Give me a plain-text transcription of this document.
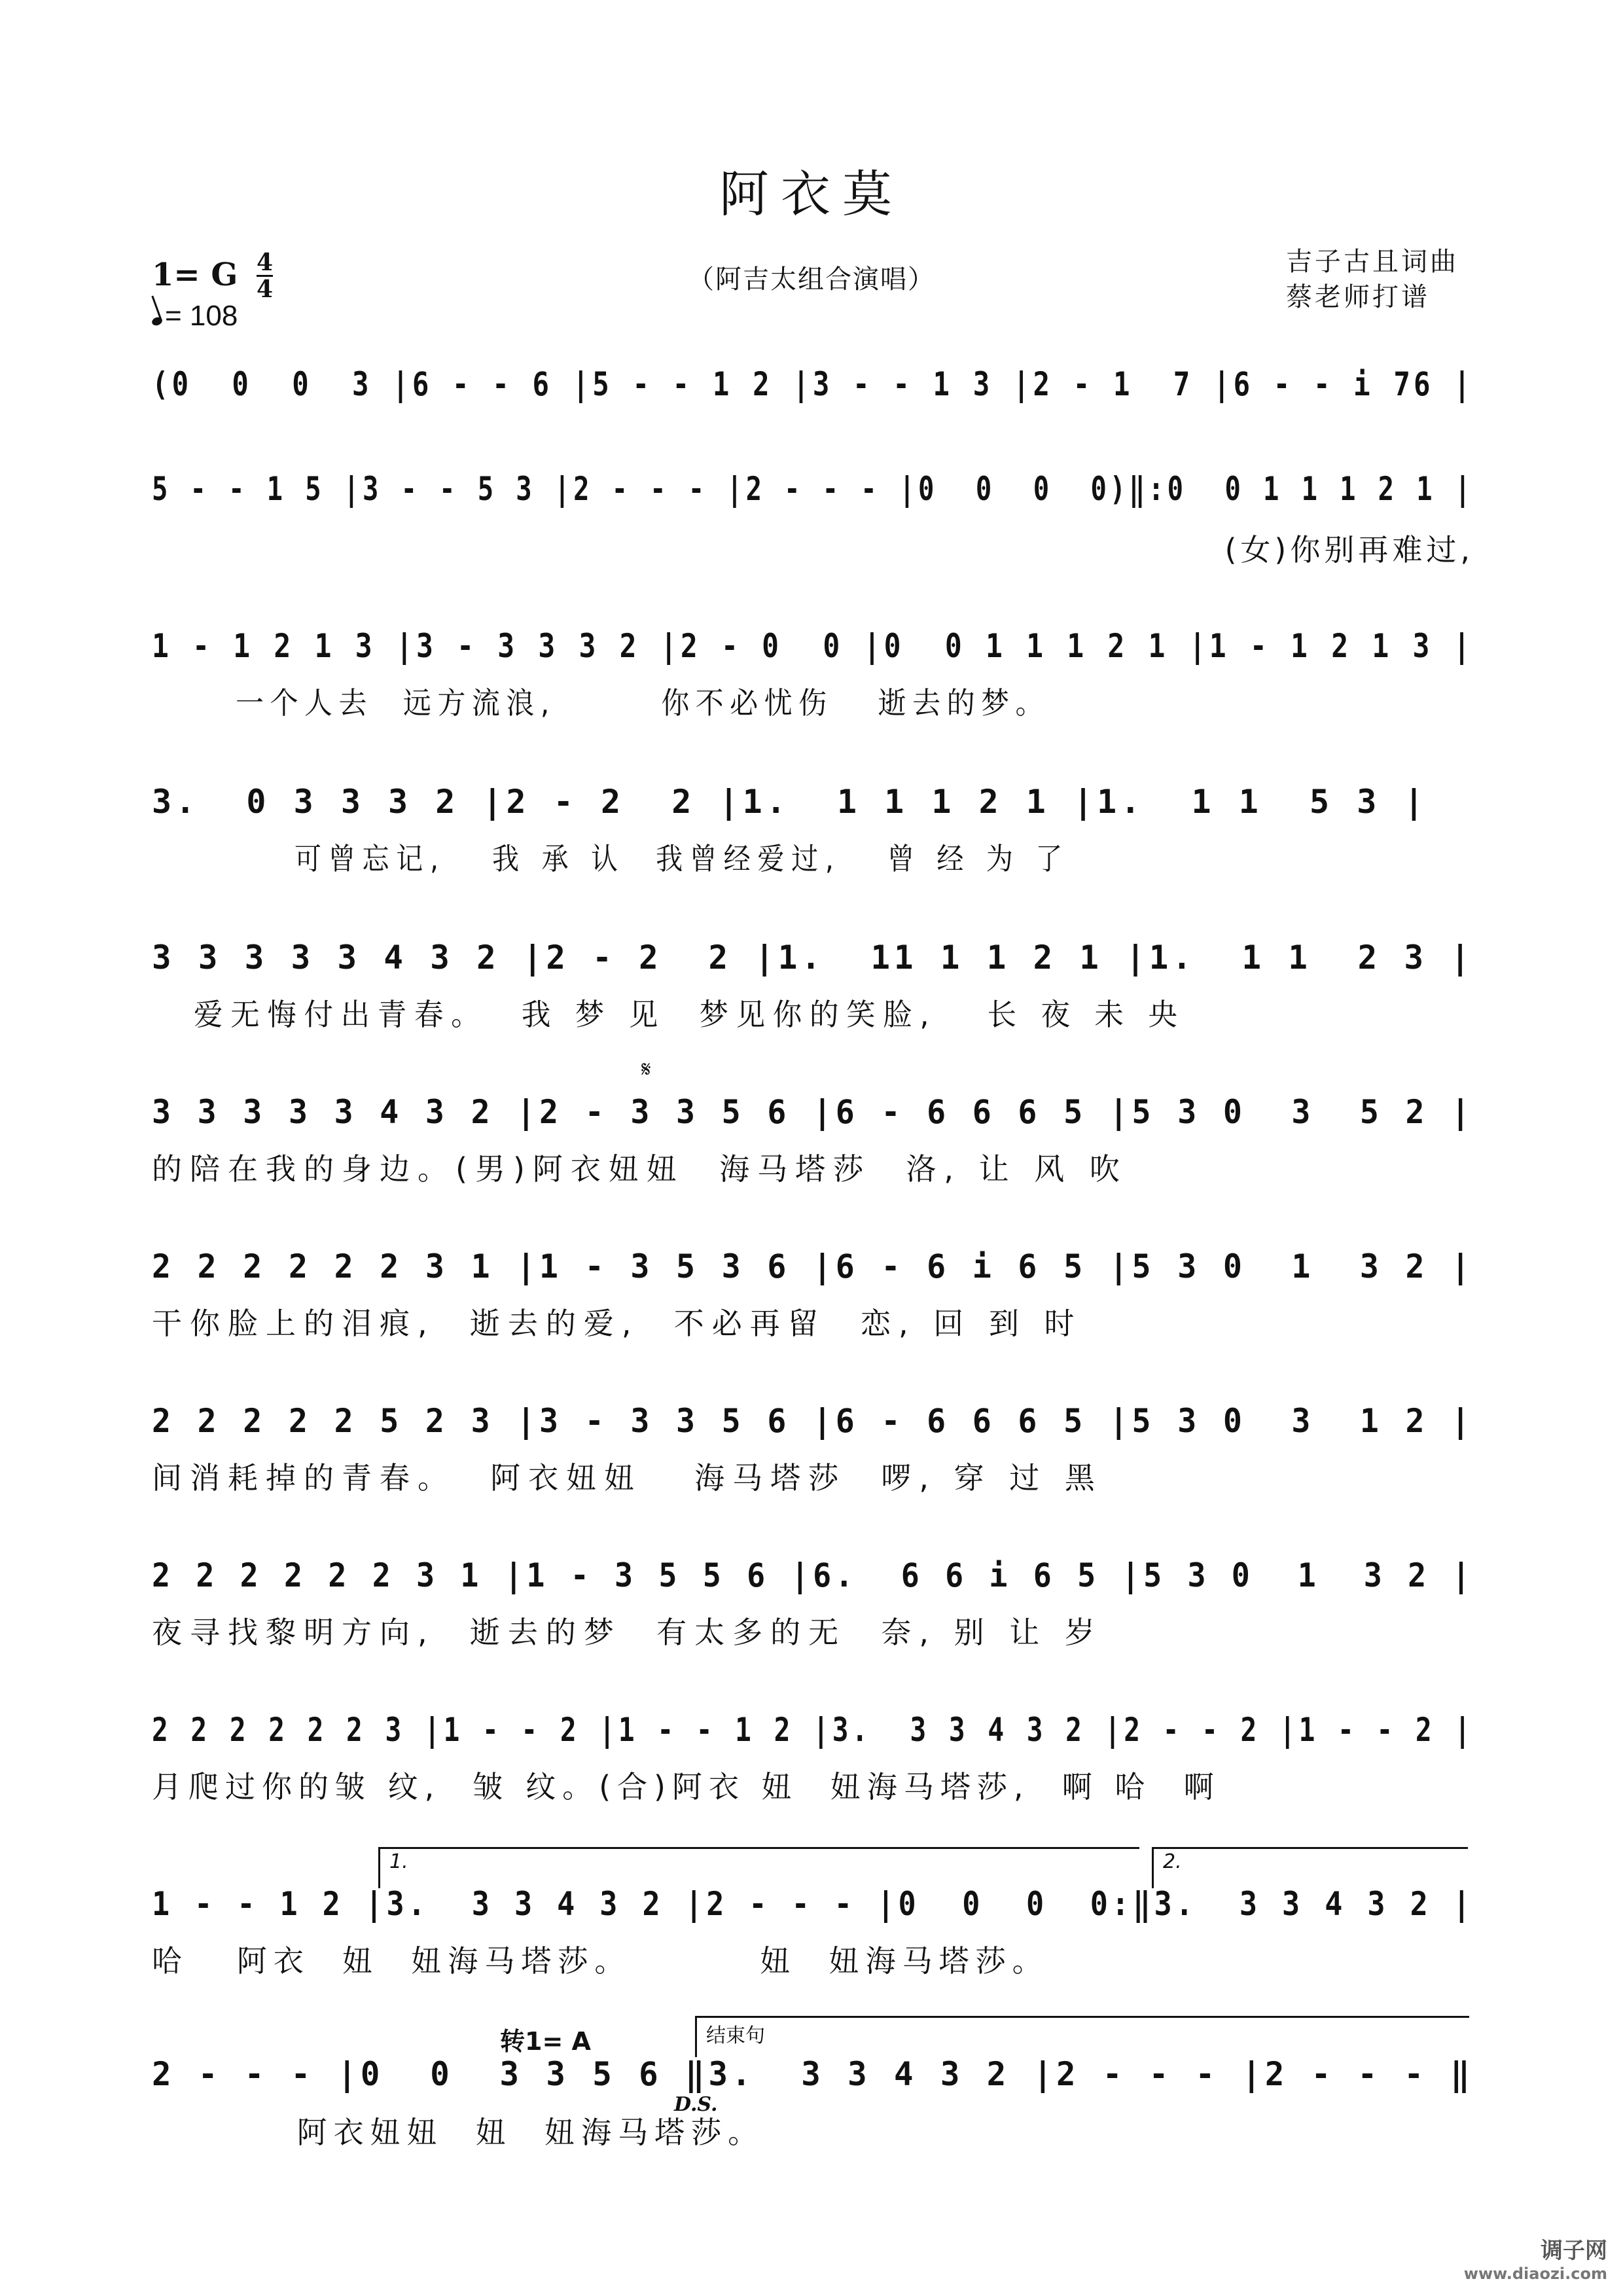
阿衣莫
1= G 4
4
= 108
（阿吉太组合演唱）
吉子古且词曲
蔡老师打谱
(0  0  0  3 |6 - - 6 |5 - - 1 2 |3 - - 1 3 |2 - 1  7 |6 - - i 76 |
5 - - 1 5 |3 - - 5 3 |2 - - - |2 - - - |0  0  0  0)‖:0  0 1 1 1 2 1 |
(女)你别再难过,
1 - 1 2 1 3 |3 - 3 3 3 2 |2 - 0  0 |0  0 1 1 1 2 1 |1 - 1 2 1 3 |
一个人去  远方流浪,       你不必忧伤   逝去的梦。
3.  0 3 3 3 2 |2 - 2  2 |1.  1 1 1 2 1 |1.  1 1  5 3 |
可曾忘记,   我 承 认  我曾经爱过,   曾 经 为 了
3 3 3 3 3 4 3 2 |2 - 2  2 |1.  11 1 1 2 1 |1.  1 1  2 3 |
爱无悔付出青春。  我 梦 见  梦见你的笑脸,   长 夜 未 央
𝄋
3 3 3 3 3 4 3 2 |2 - 3 3 5 6 |6 - 6 6 6 5 |5 3 0  3  5 2 |
的陪在我的身边。(男)阿衣妞妞  海马塔莎  洛, 让 风 吹
2 2 2 2 2 2 3 1 |1 - 3 5 3 6 |6 - 6 i 6 5 |5 3 0  1  3 2 |
干你脸上的泪痕,  逝去的爱,  不必再留  恋, 回 到 时
2 2 2 2 2 5 2 3 |3 - 3 3 5 6 |6 - 6 6 6 5 |5 3 0  3  1 2 |
间消耗掉的青春。  阿衣妞妞   海马塔莎  啰, 穿 过 黑
2 2 2 2 2 2 3 1 |1 - 3 5 5 6 |6.  6 6 i 6 5 |5 3 0  1  3 2 |
夜寻找黎明方向,  逝去的梦  有太多的无  奈, 别 让 岁
2 2 2 2 2 2 3 |1 - - 2 |1 - - 1 2 |3.  3 3 4 3 2 |2 - - 2 |1 - - 2 |
月爬过你的皱 纹,  皱 纹。(合)阿衣 妞  妞海马塔莎,  啊 哈  啊
1.	2.
1 - - 1 2 |3.  3 3 4 3 2 |2 - - - |0  0  0  0:‖3.  3 3 4 3 2 |
哈   阿衣  妞  妞海马塔莎。        妞  妞海马塔莎。
转1= A	结束句
2 - - - |0  0  3 3 5 6 ‖3.  3 3 4 3 2 |2 - - - |2 - - - ‖
D.S.
阿衣妞妞  妞  妞海马塔莎。
调子网
www.diaozi.com
